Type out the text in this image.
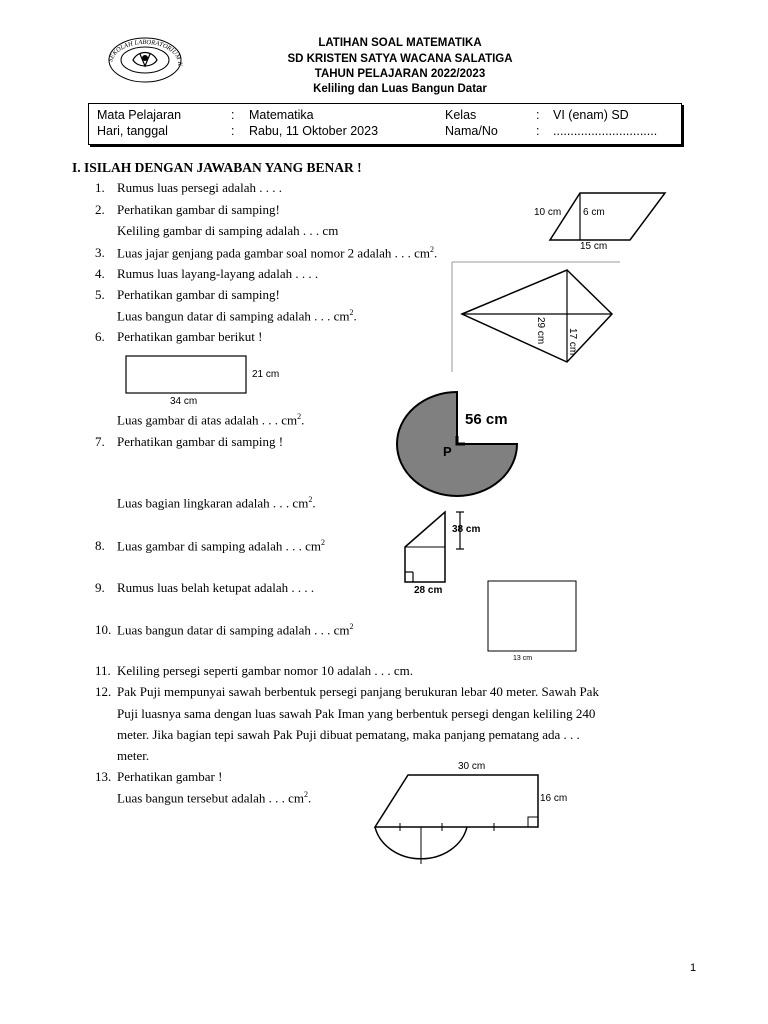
SEKOLAH LABORATORIUM KRISTEN SATYA WACANA
LATIHAN SOAL MATEMATIKA
SD KRISTEN SATYA WACANA SALATIGA
TAHUN PELAJARAN 2022/2023
Keliling dan Luas Bangun Datar
Mata Pelajaran	: Matematika
Hari, tanggal	: Rabu, 11 Oktober 2023
Kelas	: VI (enam) SD
Nama/No	: ..............................
I. ISILAH DENGAN JAWABAN YANG BENAR !
1. Rumus luas persegi adalah . . . .
2. Perhatikan gambar di samping!
Keliling gambar di samping adalah . . . cm
3. Luas jajar genjang pada gambar soal nomor 2 adalah . . . $cm^2$.
4. Rumus luas layang-layang adalah . . . .
5. Perhatikan gambar di samping!
Luas bangun datar di samping adalah . . . $cm^2$.
6. Perhatikan gambar berikut !
Luas gambar di atas adalah . . . $cm^2$.
7. Perhatikan gambar di samping !
Luas bagian lingkaran adalah . . . $cm^2$.
8. Luas gambar di samping adalah . . . $cm^2$
9. Rumus luas belah ketupat adalah . . . .
10. Luas bangun datar di samping adalah . . . $cm^2$
11. Keliling persegi seperti gambar nomor 10 adalah . . . cm.
12. Pak Puji mempunyai sawah berbentuk persegi panjang berukuran lebar 40 meter. Sawah Pak
Puji luasnya sama dengan luas sawah Pak Iman yang berbentuk persegi dengan keliling 240
meter. Jika bagian tepi sawah Pak Puji dibuat pematang, maka panjang pematang ada . . .
meter.
13. Perhatikan gambar !
Luas bangun tersebut adalah . . . $cm^2$.
10 cm 6 cm
15 cm
29 cm 17 cm
21 cm
34 cm
56 cm
P
38 cm
28 cm
13 cm
30 cm
16 cm
1
